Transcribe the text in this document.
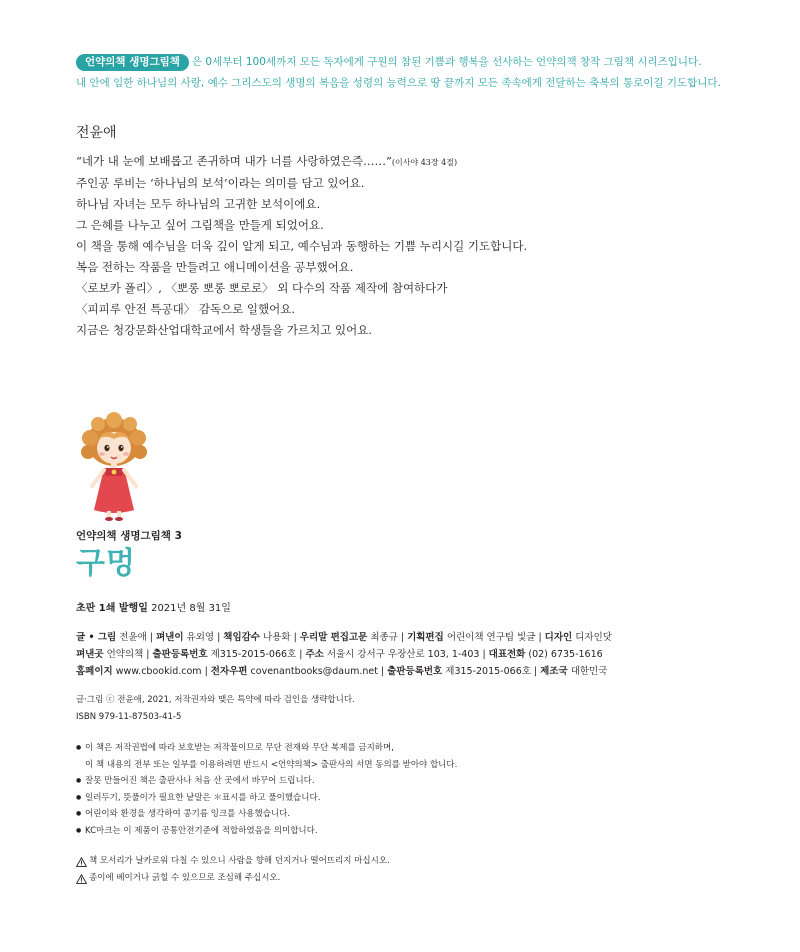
언약의책 생명그림책 은 0세부터 100세까지 모든 독자에게 구원의 참된 기쁨과 행복을 선사하는 언약의책 창작 그림책 시리즈입니다.
내 안에 임한 하나님의 사랑, 예수 그리스도의 생명의 복음을 성령의 능력으로 땅 끝까지 모든 족속에게 전달하는 축복의 통로이길 기도합니다.
전윤애

“네가 내 눈에 보배롭고 존귀하며 내가 너를 사랑하였은즉……”(이사야 43장 4절)

주인공 루비는 ‘하나님의 보석’이라는 의미를 담고 있어요.

하나님 자녀는 모두 하나님의 고귀한 보석이에요.

그 은혜를 나누고 싶어 그림책을 만들게 되었어요.

이 책을 통해 예수님을 더욱 깊이 알게 되고, 예수님과 동행하는 기쁨 누리시길 기도합니다.

복음 전하는 작품을 만들려고 애니메이션을 공부했어요.

〈로보카 폴리〉, 〈뽀롱 뽀롱 뽀로로〉 외 다수의 작품 제작에 참여하다가

〈피피루 안전 특공대〉 감독으로 일했어요.

지금은 청강문화산업대학교에서 학생들을 가르치고 있어요.

언약의책 생명그림책 3

구멍
초판 1쇄 발행일 2021년 8월 31일
글 • 그림 전윤애 | 펴낸이 유외영 | 책임감수 나용화 | 우리말 편집고문 최종규 | 기획편집 어린이책 연구팀 빛글 | 디자인 디자인닷
펴낸곳 언약의책 | 출판등록번호 제315-2015-066호 | 주소 서울시 강서구 우장산로 103, 1-403 | 대표전화 (02) 6735-1616
홈페이지 www.cbookid.com | 전자우편 covenantbooks@daum.net | 출판등록번호 제315-2015-066호 | 제조국 대한민국
글·그림 ⓒ 전윤애, 2021, 저작권자와 맺은 특약에 따라 검인을 생략합니다.
ISBN 979-11-87503-41-5
● 이 책은 저작권법에 따라 보호받는 저작물이므로 무단 전재와 무단 복제를 금지하며,
이 책 내용의 전부 또는 일부를 이용하려면 반드시 <언약의책> 출판사의 서면 동의를 받아야 합니다.
● 잘못 만들어진 책은 출판사나 처음 산 곳에서 바꾸어 드립니다.
● 일러두기, 뜻풀이가 필요한 낱말은 ＊표시를 하고 풀이했습니다.
● 어린이와 환경을 생각하여 콩기름 잉크를 사용했습니다.
● KC마크는 이 제품이 공통안전기준에 적합하였음을 의미합니다.
책 모서리가 날카로워 다칠 수 있으니 사람을 향해 던지거나 떨어뜨리지 마십시오.
종이에 베이거나 긁힐 수 있으므로 조심해 주십시오.
